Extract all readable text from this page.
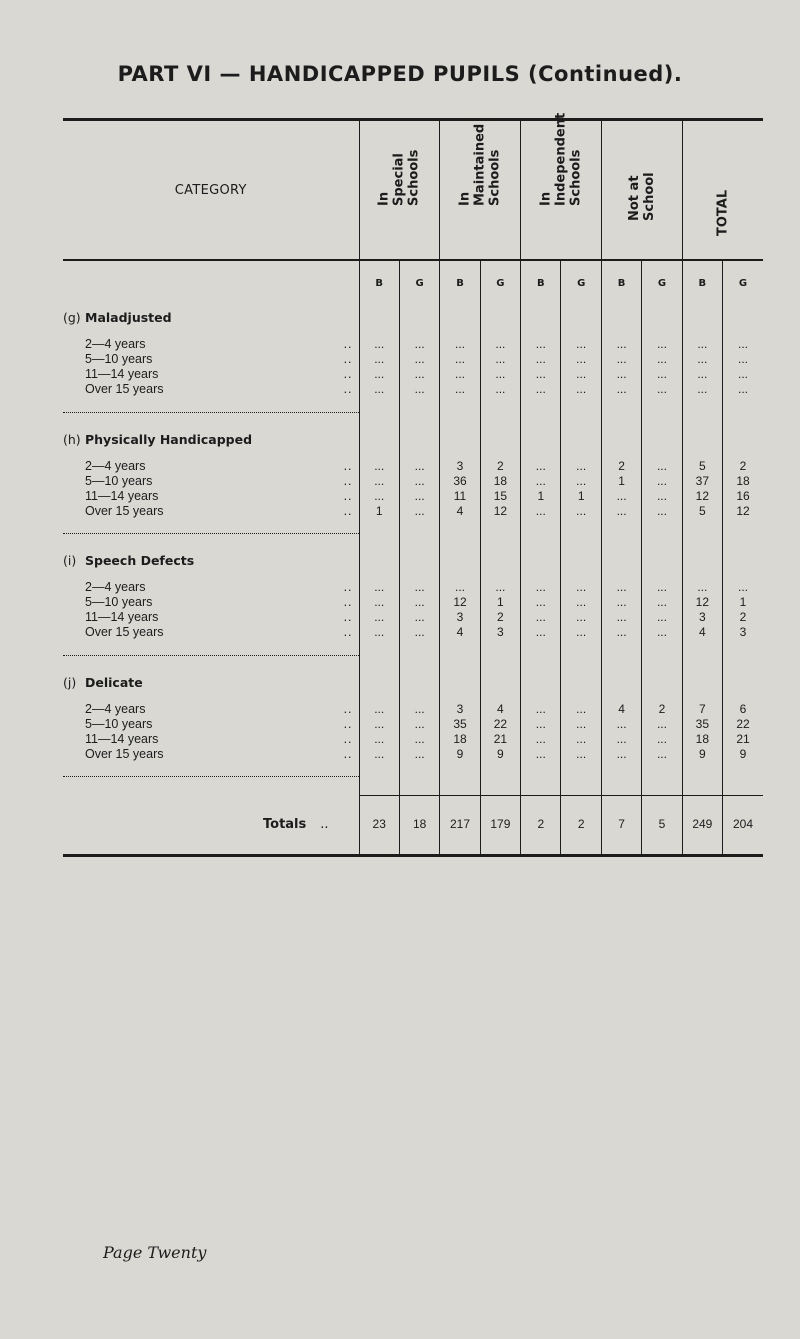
PART VI — HANDICAPPED PUPILS (Continued).
CATEGORY	In Special Schools		In Maintained Schools		In Independent Schools		Not at School		TOTAL	

	B	G	B	G	B	G	B	G	B	G
(g) Maladjusted										

2—4 years ..	...	...	...	...	...	...	...	...	...	...
5—10 years ..	...	...	...	...	...	...	...	...	...	...
11—14 years ..	...	...	...	...	...	...	...	...	...	...
Over 15 years ..	...	...	...	...	...	...	...	...	...	...

(h) Physically Handicapped										

2—4 years ..	...	...	3	2	...	...	2	...	5	2
5—10 years ..	...	...	36	18	...	...	1	...	37	18
11—14 years ..	...	...	11	15	1	1	...	...	12	16
Over 15 years ..	1	...	4	12	...	...	...	...	5	12

(i) Speech Defects										

2—4 years ..	...	...	...	...	...	...	...	...	...	...
5—10 years ..	...	...	12	1	...	...	...	...	12	1
11—14 years ..	...	...	3	2	...	...	...	...	3	2
Over 15 years ..	...	...	4	3	...	...	...	...	4	3

(j) Delicate										

2—4 years ..	...	...	3	4	...	...	4	2	7	6
5—10 years ..	...	...	35	22	...	...	...	...	35	22
11—14 years ..	...	...	18	21	...	...	...	...	18	21
Over 15 years ..	...	...	9	9	...	...	...	...	9	9

Totals ..	23	18	217	179	2	2	7	5	249	204

Page Twenty
